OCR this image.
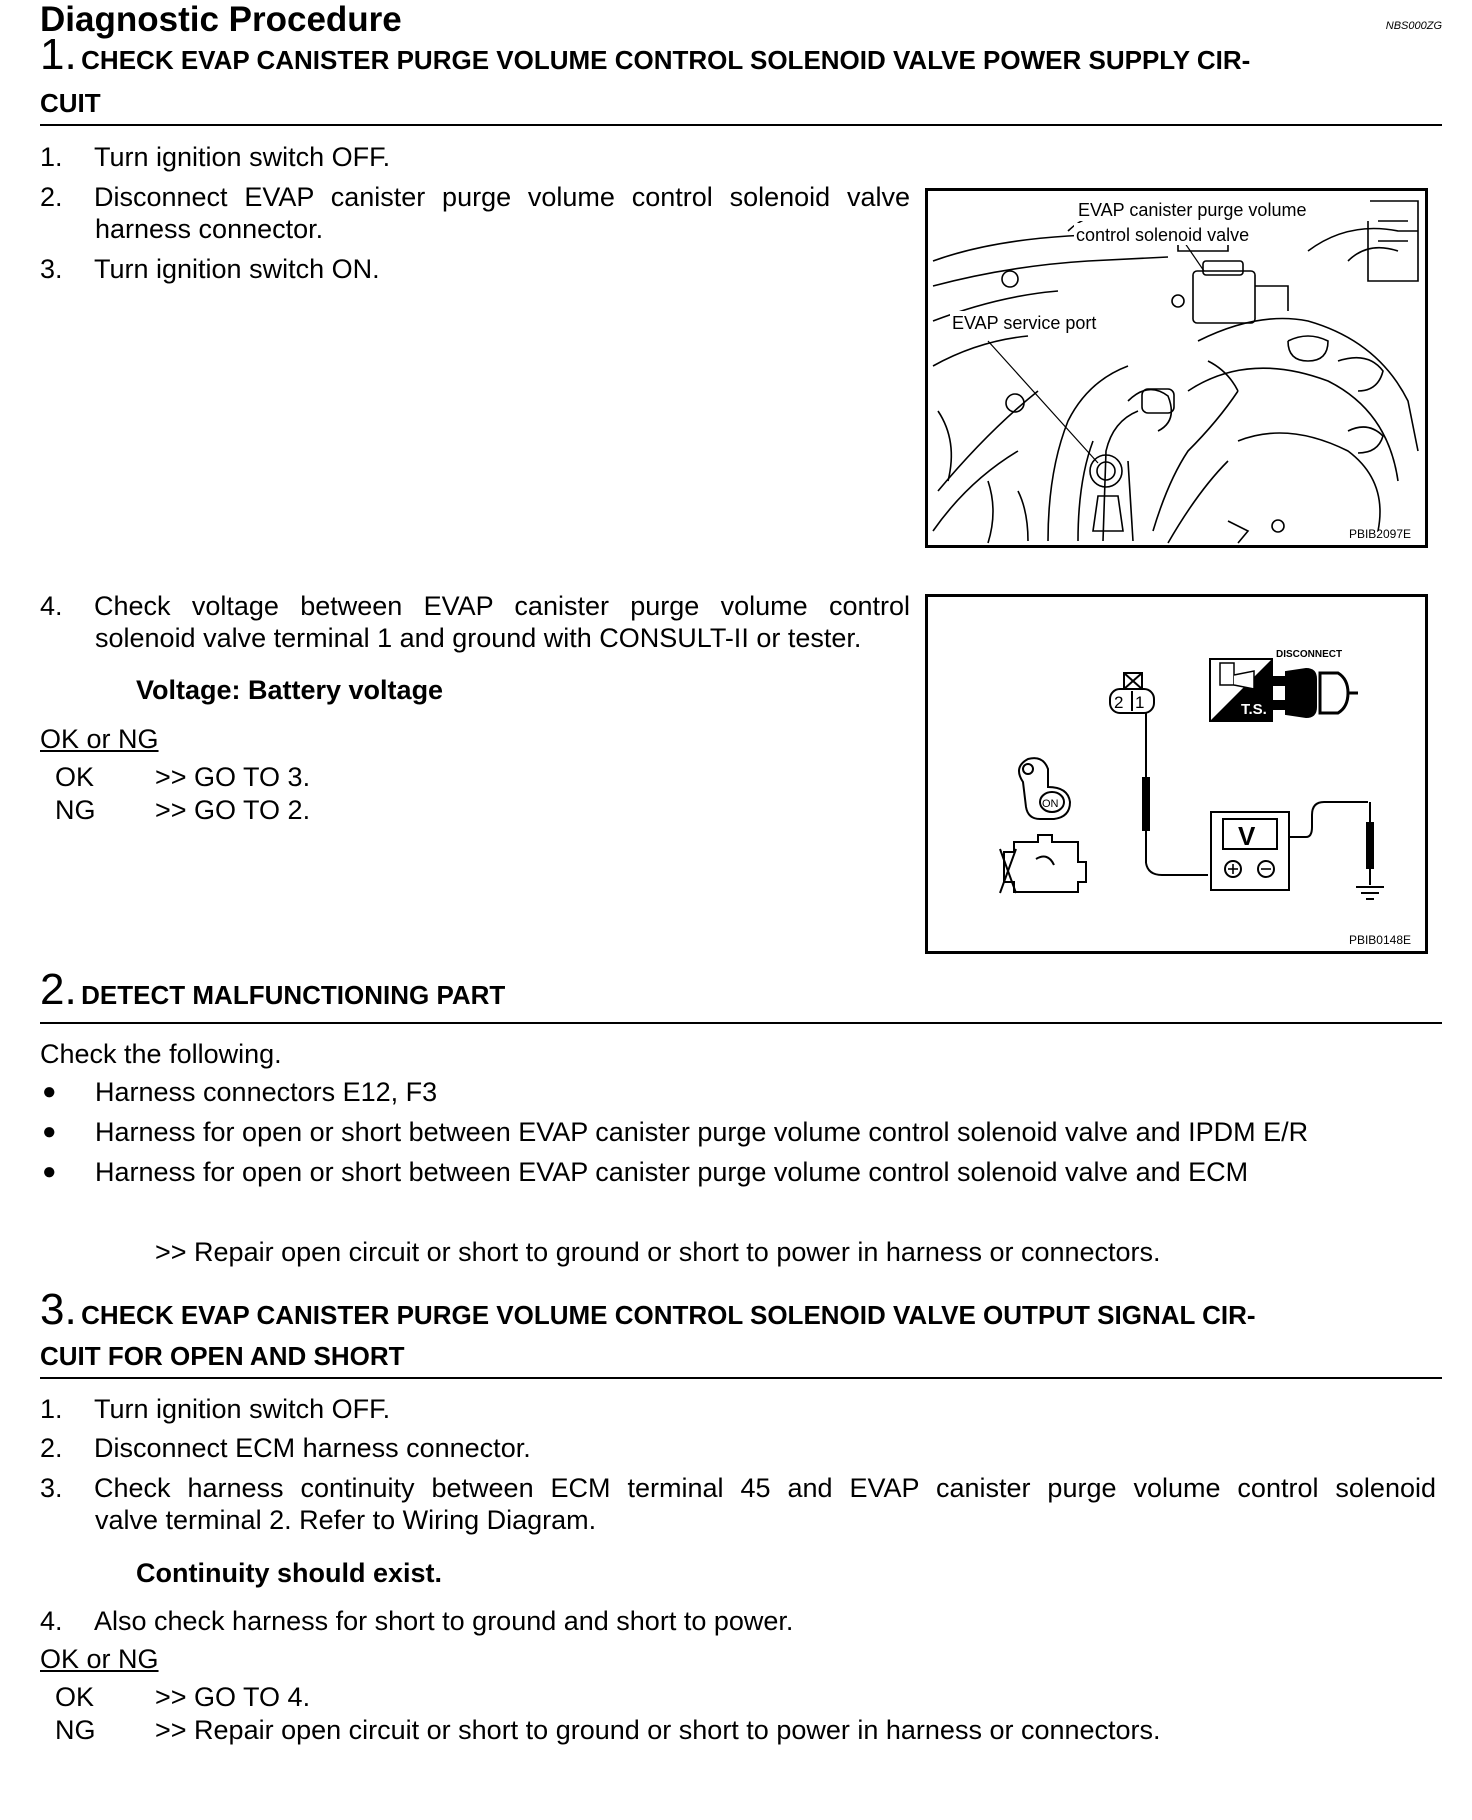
Diagnostic Procedure	NBS000ZG
1. CHECK EVAP CANISTER PURGE VOLUME CONTROL SOLENOID VALVE POWER SUPPLY CIR-
CUIT
1. Turn ignition switch OFF.
2. Disconnect EVAP canister purge volume control solenoid valve
harness connector.
3. Turn ignition switch ON.
EVAP canister purge volume
control solenoid valve
EVAP service port
PBIB2097E
4. Check voltage between EVAP canister purge volume control
solenoid valve terminal 1 and ground with CONSULT-II or tester.
Voltage: Battery voltage
OK or NG
OK >> GO TO 3.
NG >> GO TO 2.
T.S.
DISCONNECT
2 1
ON
V
PBIB0148E
2. DETECT MALFUNCTIONING PART
Check the following.
● Harness connectors E12, F3
● Harness for open or short between EVAP canister purge volume control solenoid valve and IPDM E/R
● Harness for open or short between EVAP canister purge volume control solenoid valve and ECM
>> Repair open circuit or short to ground or short to power in harness or connectors.
3. CHECK EVAP CANISTER PURGE VOLUME CONTROL SOLENOID VALVE OUTPUT SIGNAL CIR-
CUIT FOR OPEN AND SHORT
1. Turn ignition switch OFF.
2. Disconnect ECM harness connector.
3. Check harness continuity between ECM terminal 45 and EVAP canister purge volume control solenoid
valve terminal 2. Refer to Wiring Diagram.
Continuity should exist.
4. Also check harness for short to ground and short to power.
OK or NG
OK >> GO TO 4.
NG >> Repair open circuit or short to ground or short to power in harness or connectors.
